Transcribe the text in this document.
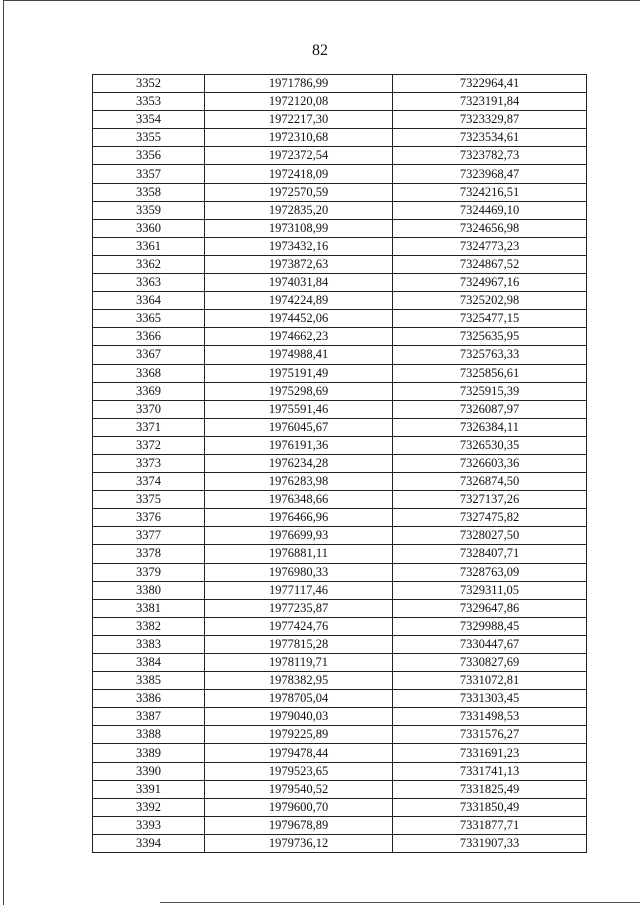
82
3352	1971786,99	7322964,41
3353	1972120,08	7323191,84
3354	1972217,30	7323329,87
3355	1972310,68	7323534,61
3356	1972372,54	7323782,73
3357	1972418,09	7323968,47
3358	1972570,59	7324216,51
3359	1972835,20	7324469,10
3360	1973108,99	7324656,98
3361	1973432,16	7324773,23
3362	1973872,63	7324867,52
3363	1974031,84	7324967,16
3364	1974224,89	7325202,98
3365	1974452,06	7325477,15
3366	1974662,23	7325635,95
3367	1974988,41	7325763,33
3368	1975191,49	7325856,61
3369	1975298,69	7325915,39
3370	1975591,46	7326087,97
3371	1976045,67	7326384,11
3372	1976191,36	7326530,35
3373	1976234,28	7326603,36
3374	1976283,98	7326874,50
3375	1976348,66	7327137,26
3376	1976466,96	7327475,82
3377	1976699,93	7328027,50
3378	1976881,11	7328407,71
3379	1976980,33	7328763,09
3380	1977117,46	7329311,05
3381	1977235,87	7329647,86
3382	1977424,76	7329988,45
3383	1977815,28	7330447,67
3384	1978119,71	7330827,69
3385	1978382,95	7331072,81
3386	1978705,04	7331303,45
3387	1979040,03	7331498,53
3388	1979225,89	7331576,27
3389	1979478,44	7331691,23
3390	1979523,65	7331741,13
3391	1979540,52	7331825,49
3392	1979600,70	7331850,49
3393	1979678,89	7331877,71
3394	1979736,12	7331907,33
